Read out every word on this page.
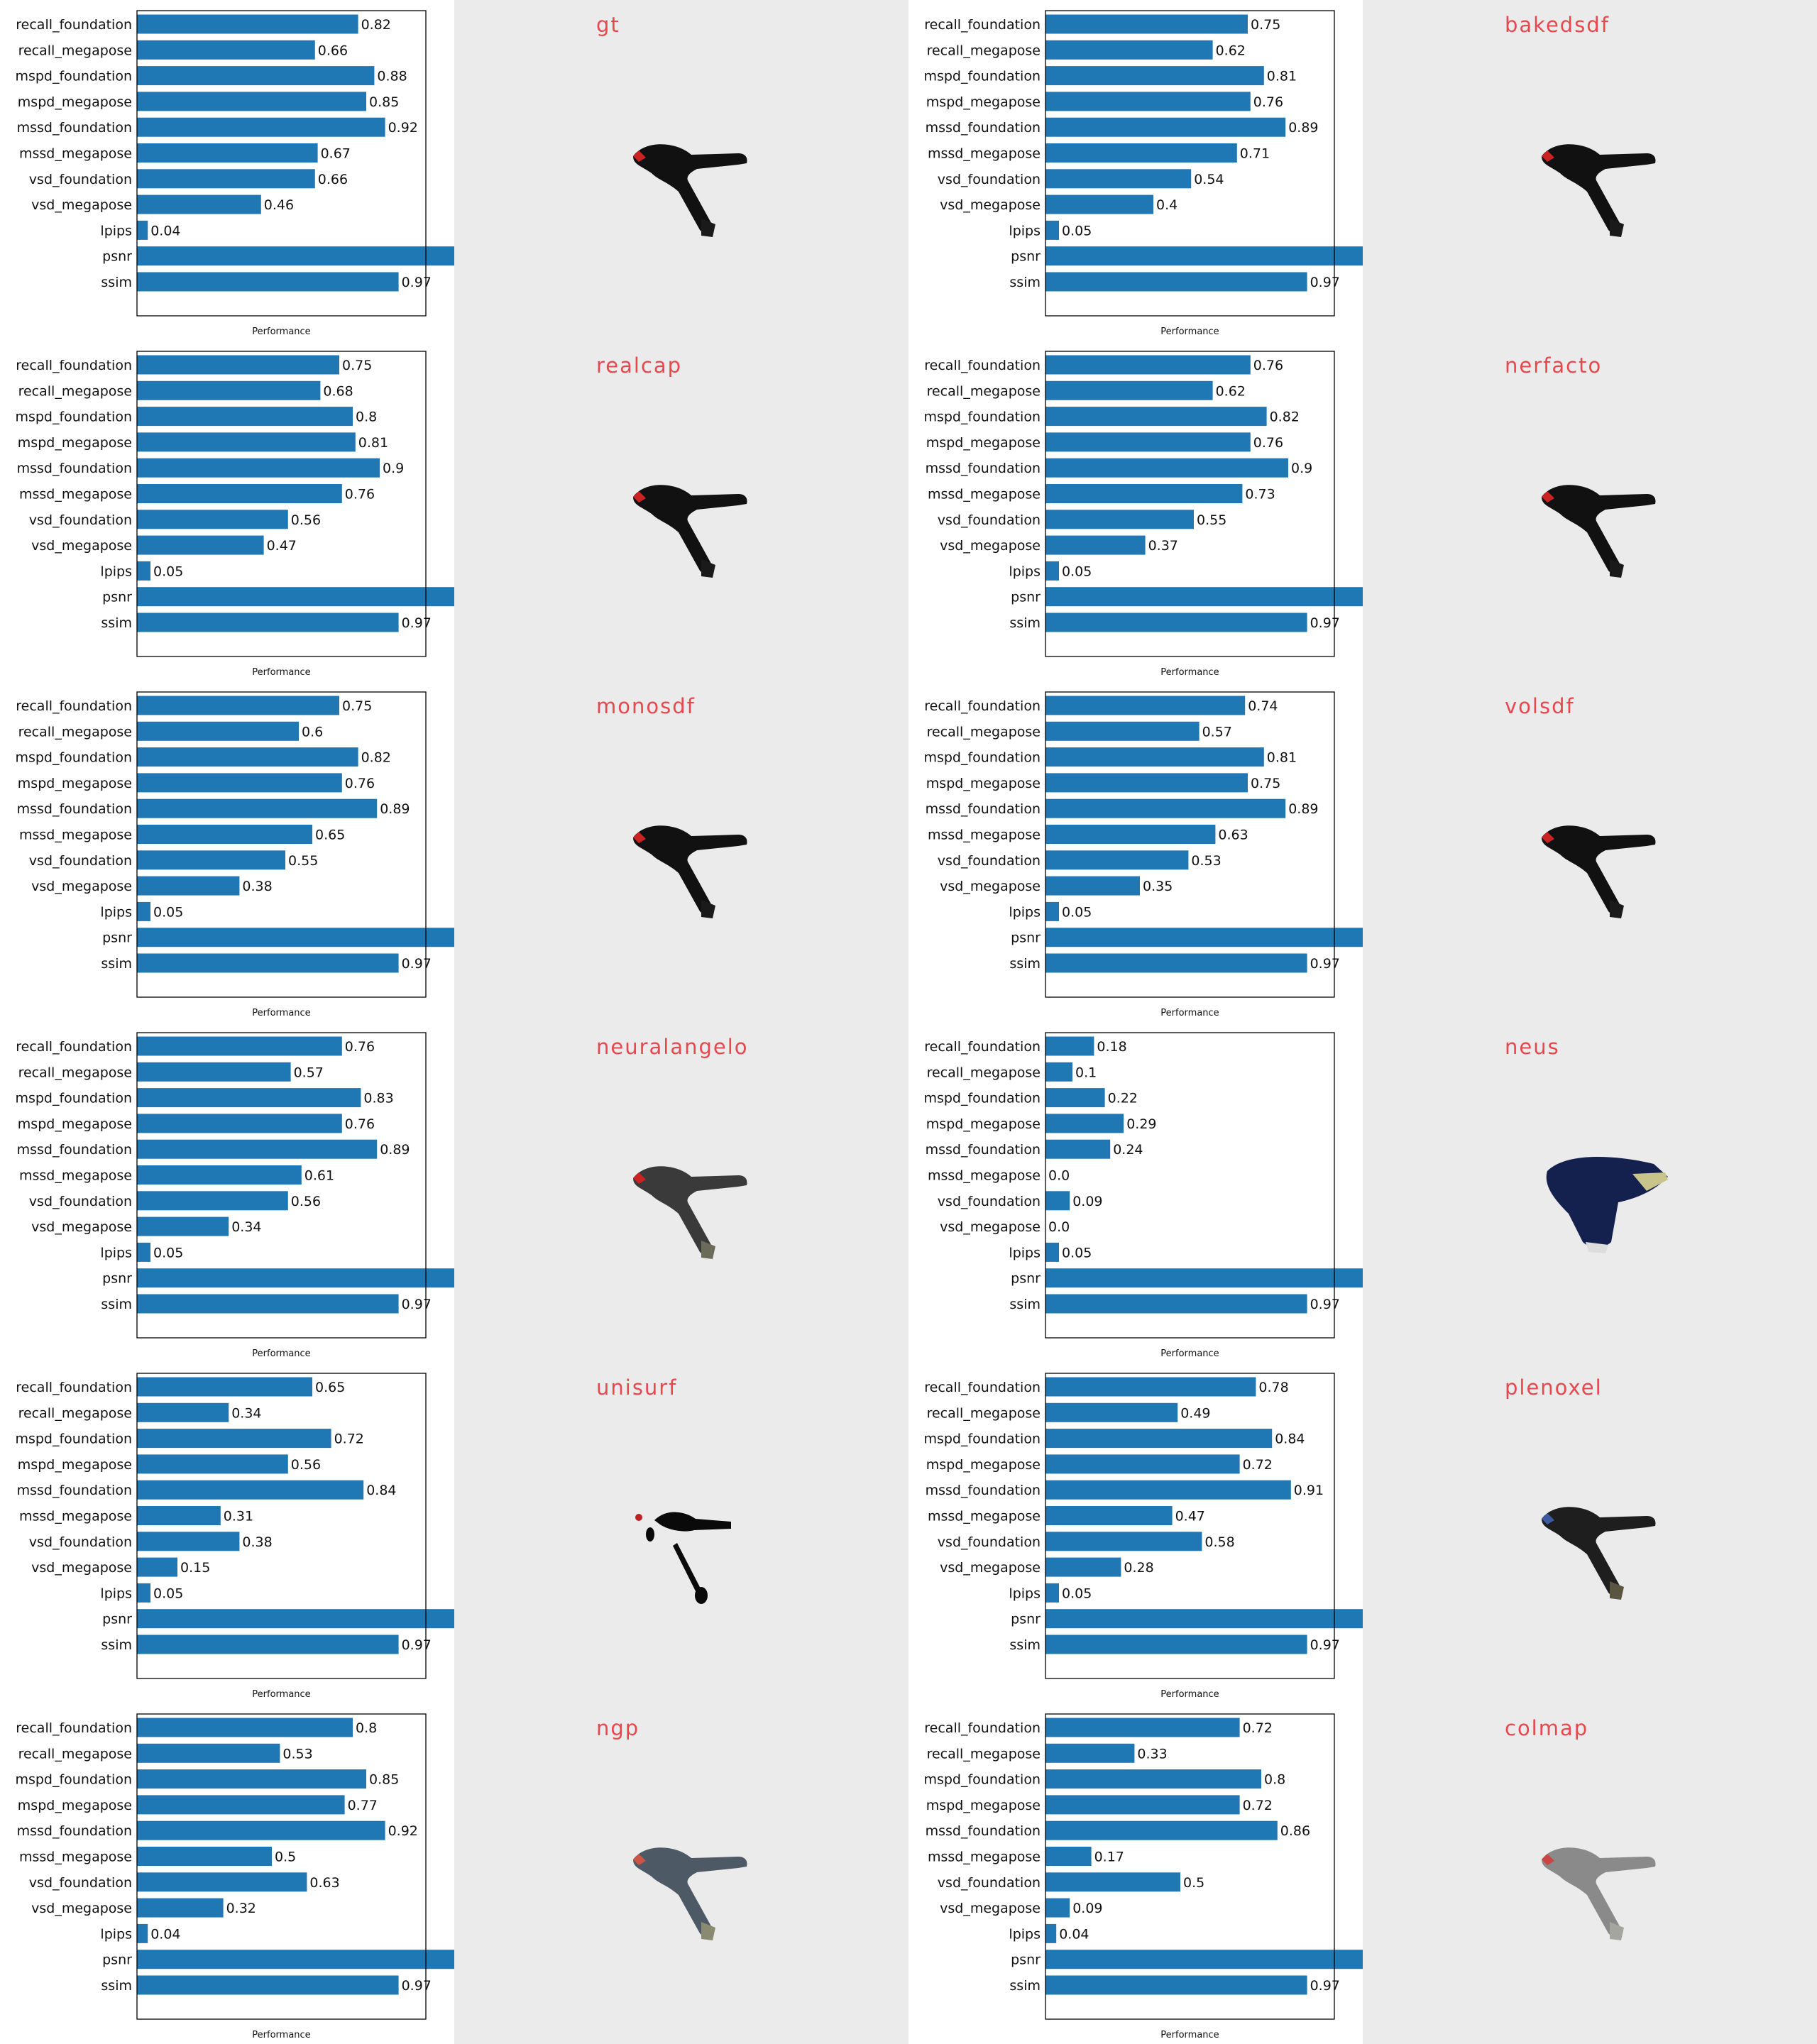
recall_foundation	0.82
recall_megapose	0.66
mspd_foundation	0.88
mspd_megapose	0.85
mssd_foundation	0.92
mssd_megapose	0.67
vsd_foundation	0.66
vsd_megapose	0.46
lpips 0.04
psnr
ssim	0.97
Performance
gt	recall_foundation	0.75
recall_megapose	0.62
mspd_foundation	0.81
mspd_megapose	0.76
mssd_foundation	0.89
mssd_megapose	0.71
vsd_foundation	0.54
vsd_megapose	0.4
lpips 0.05
psnr
ssim	0.97
Performance
bakedsdf
recall_foundation	0.75
recall_megapose	0.68
mspd_foundation	0.8
mspd_megapose	0.81
mssd_foundation	0.9
mssd_megapose	0.76
vsd_foundation	0.56
vsd_megapose	0.47
lpips 0.05
psnr
ssim	0.97
Performance
realcap	recall_foundation	0.76
recall_megapose	0.62
mspd_foundation	0.82
mspd_megapose	0.76
mssd_foundation	0.9
mssd_megapose	0.73
vsd_foundation	0.55
vsd_megapose	0.37
lpips 0.05
psnr
ssim	0.97
Performance
nerfacto
recall_foundation	0.75
recall_megapose	0.6
mspd_foundation	0.82
mspd_megapose	0.76
mssd_foundation	0.89
mssd_megapose	0.65
vsd_foundation	0.55
vsd_megapose	0.38
lpips 0.05
psnr
ssim	0.97
Performance
monosdf	recall_foundation	0.74
recall_megapose	0.57
mspd_foundation	0.81
mspd_megapose	0.75
mssd_foundation	0.89
mssd_megapose	0.63
vsd_foundation	0.53
vsd_megapose	0.35
lpips 0.05
psnr
ssim	0.97
Performance
volsdf
recall_foundation	0.76
recall_megapose	0.57
mspd_foundation	0.83
mspd_megapose	0.76
mssd_foundation	0.89
mssd_megapose	0.61
vsd_foundation	0.56
vsd_megapose	0.34
lpips 0.05
psnr
ssim	0.97
Performance
neuralangelo	recall_foundation	0.18
recall_megapose	0.1
mspd_foundation	0.22
mspd_megapose	0.29
mssd_foundation	0.24
mssd_megapose 0.0
vsd_foundation 0.09
vsd_megapose 0.0
lpips 0.05
psnr
ssim	0.97
Performance
neus
recall_foundation	0.65
recall_megapose	0.34
mspd_foundation	0.72
mspd_megapose	0.56
mssd_foundation	0.84
mssd_megapose	0.31
vsd_foundation	0.38
vsd_megapose	0.15
lpips 0.05
psnr
ssim	0.97
Performance
unisurf	recall_foundation	0.78
recall_megapose	0.49
mspd_foundation	0.84
mspd_megapose	0.72
mssd_foundation	0.91
mssd_megapose	0.47
vsd_foundation	0.58
vsd_megapose	0.28
lpips 0.05
psnr
ssim	0.97
Performance
plenoxel
recall_foundation	0.8
recall_megapose	0.53
mspd_foundation	0.85
mspd_megapose	0.77
mssd_foundation	0.92
mssd_megapose	0.5
vsd_foundation	0.63
vsd_megapose	0.32
lpips 0.04
psnr
ssim	0.97
Performance
ngp	recall_foundation	0.72
recall_megapose	0.33
mspd_foundation	0.8
mspd_megapose	0.72
mssd_foundation	0.86
mssd_megapose	0.17
vsd_foundation	0.5
vsd_megapose 0.09
lpips 0.04
psnr
ssim	0.97
Performance
colmap
